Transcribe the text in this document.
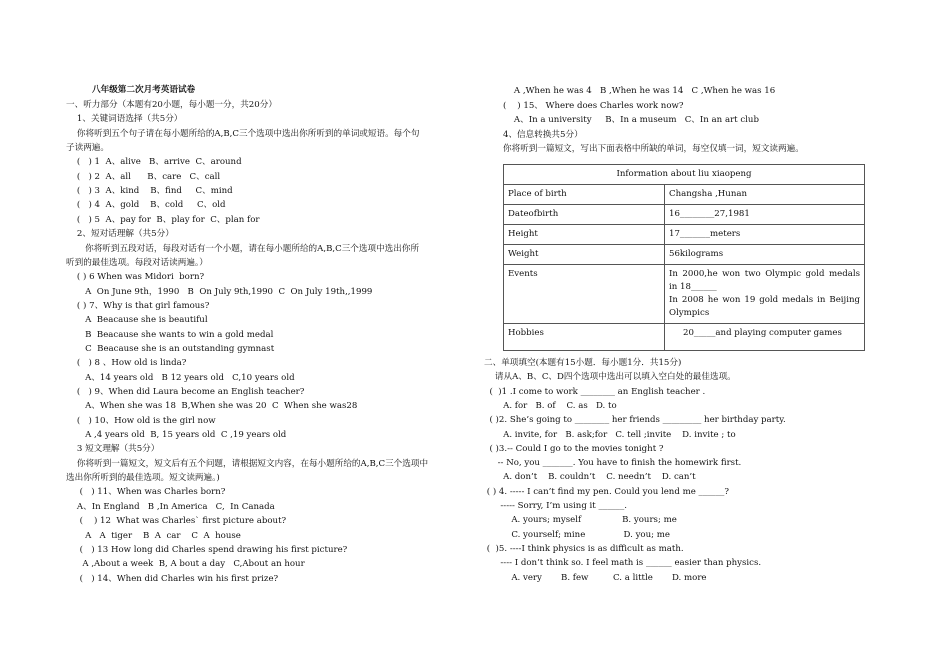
八年级第二次月考英语试卷
一、听力部分（本题有20小题，每小题一分，共20分）
1、关键词语选择（共5分）
你将听到五个句子请在每小题所给的A,B,C三个选项中选出你所听到的单词或短语。每个句
子读两遍。
(   ) 1  A、alive   B、arrive  C、around
(   ) 2  A、all      B、care   C、call
(   ) 3  A、kind    B、find     C、mind
(   ) 4  A、gold    B、cold     C、old
(   ) 5  A、pay for  B、play for  C、plan for
2、短对话理解（共5分）
你将听到五段对话，每段对话有一个小题，请在每小题所给的A,B,C三个选项中选出你所
听到的最佳选项。每段对话读两遍。）
( ) 6 When was Midori  born?
A  On June 9th，1990   B  On July 9th,1990  C  On July 19th,,1999
( ) 7、Why is that girl famous?
A  Beacause she is beautiful
B  Beacause she wants to win a gold medal
C  Beacause she is an outstanding gymnast
(   ) 8 、How old is linda?
A、14 years old   B 12 years old   C,10 years old
(   ) 9、When did Laura become an English teacher?
A、When she was 18  B,When she was 20  C  When she was28
(   ) 10、How old is the girl now
A ,4 years old  B, 15 years old  C ,19 years old
3 短文理解（共5分）
你将听到一篇短文，短文后有五个问题，请根据短文内容，在每小题所给的A,B,C三个选项中
选出你所听到的最佳选项。短文读两遍。)
(   ) 11、When was Charles born?
A、In England   B ,In America   C,  In Canada
(    ) 12  What was Charles` first picture about?
A   A  tiger    B  A  car    C  A  house
(   ) 13 How long did Charles spend drawing his first picture?
A ,About a week  B, A bout a day   C,About an hour
(   ) 14、When did Charles win his first prize?
A ,When he was 4   B ,When he was 14   C ,When he was 16
(    ) 15、 Where does Charles work now?
A、In a university     B、In a museum   C、In an art club
4、信息转换共5分）
你将听到一篇短文，写出下面表格中所缺的单词，每空仅填一词，短文读两遍。
Information about liu xiaopeng	
Place of birth	Changsha ,Hunan
Dateofbirth	16________27,1981
Height	17_______meters
Weight	56kilograms
Events	In 2000,he won two Olympic gold medals in 18______
In 2008 he won 19 gold medals in Beijing Olympics

Hobbies	20_____and playing computer games
二、单项填空(本题有15小题．每小题1分．共15分)
请从A、B、C、D四个选项中选出可以填入空白处的最佳选项。
(  )1 .I come to work ________ an English teacher .
A. for   B. of    C. as   D. to
( )2. She’s going to ________ her friends _________ her birthday party.
A. invite, for   B. ask;for   C. tell ;invite    D. invite ; to
( )3.-- Could I go to the movies tonight ?
-- No, you _______. You have to finish the homewirk first.
A. don’t    B. couldn’t    C. needn’t    D. can’t
( ) 4. ----- I can’t find my pen. Could you lend me ______?
----- Sorry, I’m using it ______.
A. yours; myself               B. yours; me
C. yourself; mine              D. you; me
(  )5. ----I think physics is as difficult as math.
---- I don’t think so. I feel math is ______ easier than physics.
A. very       B. few         C. a little       D. more
